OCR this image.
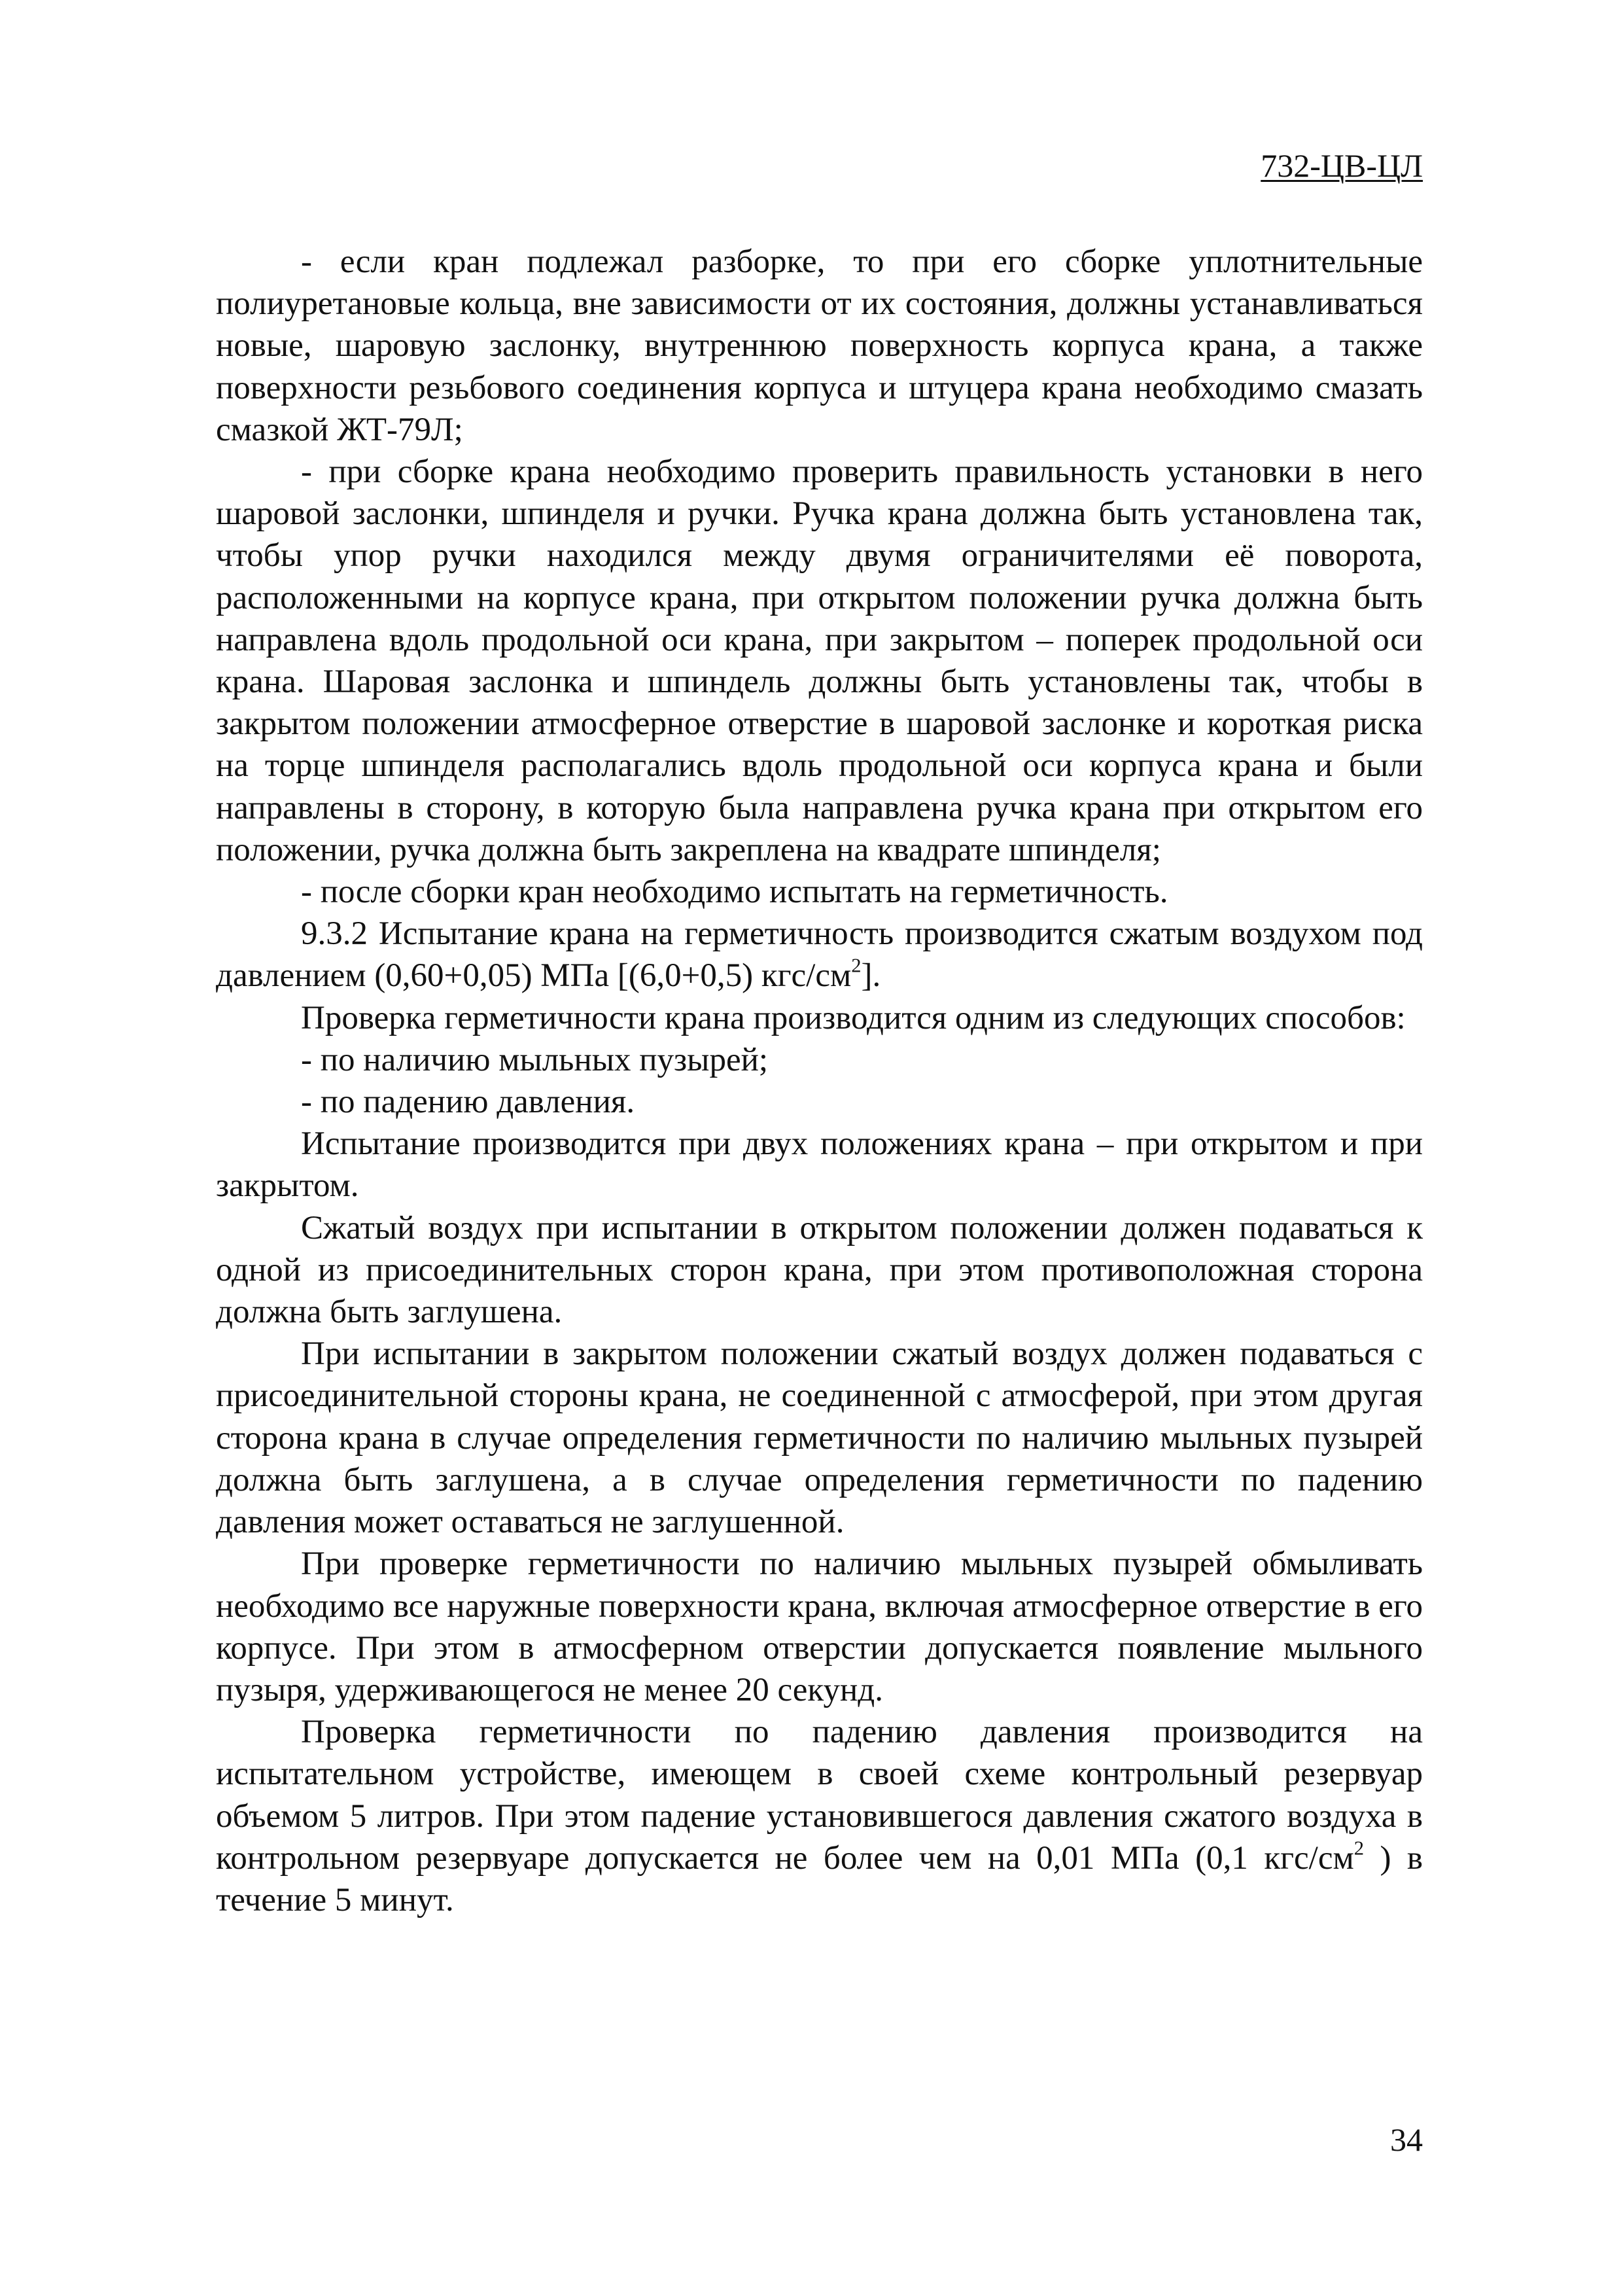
732-ЦВ-ЦЛ

- если кран подлежал разборке, то при его сборке уплотнительные полиуретановые кольца, вне зависимости от их состояния, должны устанавливаться новые, шаровую заслонку, внутреннюю поверхность корпуса крана, а также поверхности резьбового соединения корпуса и штуцера крана необходимо смазать смазкой ЖТ-79Л;

- при сборке крана необходимо проверить правильность установки в него шаровой заслонки, шпинделя и ручки. Ручка крана должна быть установлена так, чтобы упор ручки находился между двумя ограничителями её поворота, расположенными на корпусе крана, при открытом положении ручка должна быть направлена вдоль продольной оси крана, при закрытом – поперек продольной оси крана. Шаровая заслонка и шпиндель должны быть установлены так, чтобы в закрытом положении атмосферное отверстие в шаровой заслонке и короткая риска на торце шпинделя располагались вдоль продольной оси корпуса крана и были направлены в сторону, в которую была направлена ручка крана при открытом его положении, ручка должна быть закреплена на квадрате шпинделя;

- после сборки кран необходимо испытать на герметичность.

9.3.2 Испытание крана на герметичность производится сжатым воздухом под давлением (0,60+0,05) МПа [(6,0+0,5) кгс/$см^2$].

Проверка герметичности крана производится одним из следующих способов:

- по наличию мыльных пузырей;

- по падению давления.

Испытание производится при двух положениях крана – при открытом и при закрытом.

Сжатый воздух при испытании в открытом положении должен подаваться к одной из присоединительных сторон крана, при этом противоположная сторона должна быть заглушена.

При испытании в закрытом положении сжатый воздух должен подаваться с присоединительной стороны крана, не соединенной с атмосферой, при этом другая сторона крана в случае определения герметичности по наличию мыльных пузырей должна быть заглушена, а в случае определения герметичности по падению давления может оставаться не заглушенной.

При проверке герметичности по наличию мыльных пузырей обмыливать необходимо все наружные поверхности крана, включая атмосферное отверстие в его корпусе. При этом в атмосферном отверстии допускается появление мыльного пузыря, удерживающегося не менее 20 секунд.

Проверка герметичности по падению давления производится на испытательном устройстве, имеющем в своей схеме контрольный резервуар объемом 5 литров. При этом падение установившегося давления сжатого воздуха в контрольном резервуаре допускается не более чем на 0,01 МПа (0,1 кгс/$см^2$ ) в течение 5 минут.

34
